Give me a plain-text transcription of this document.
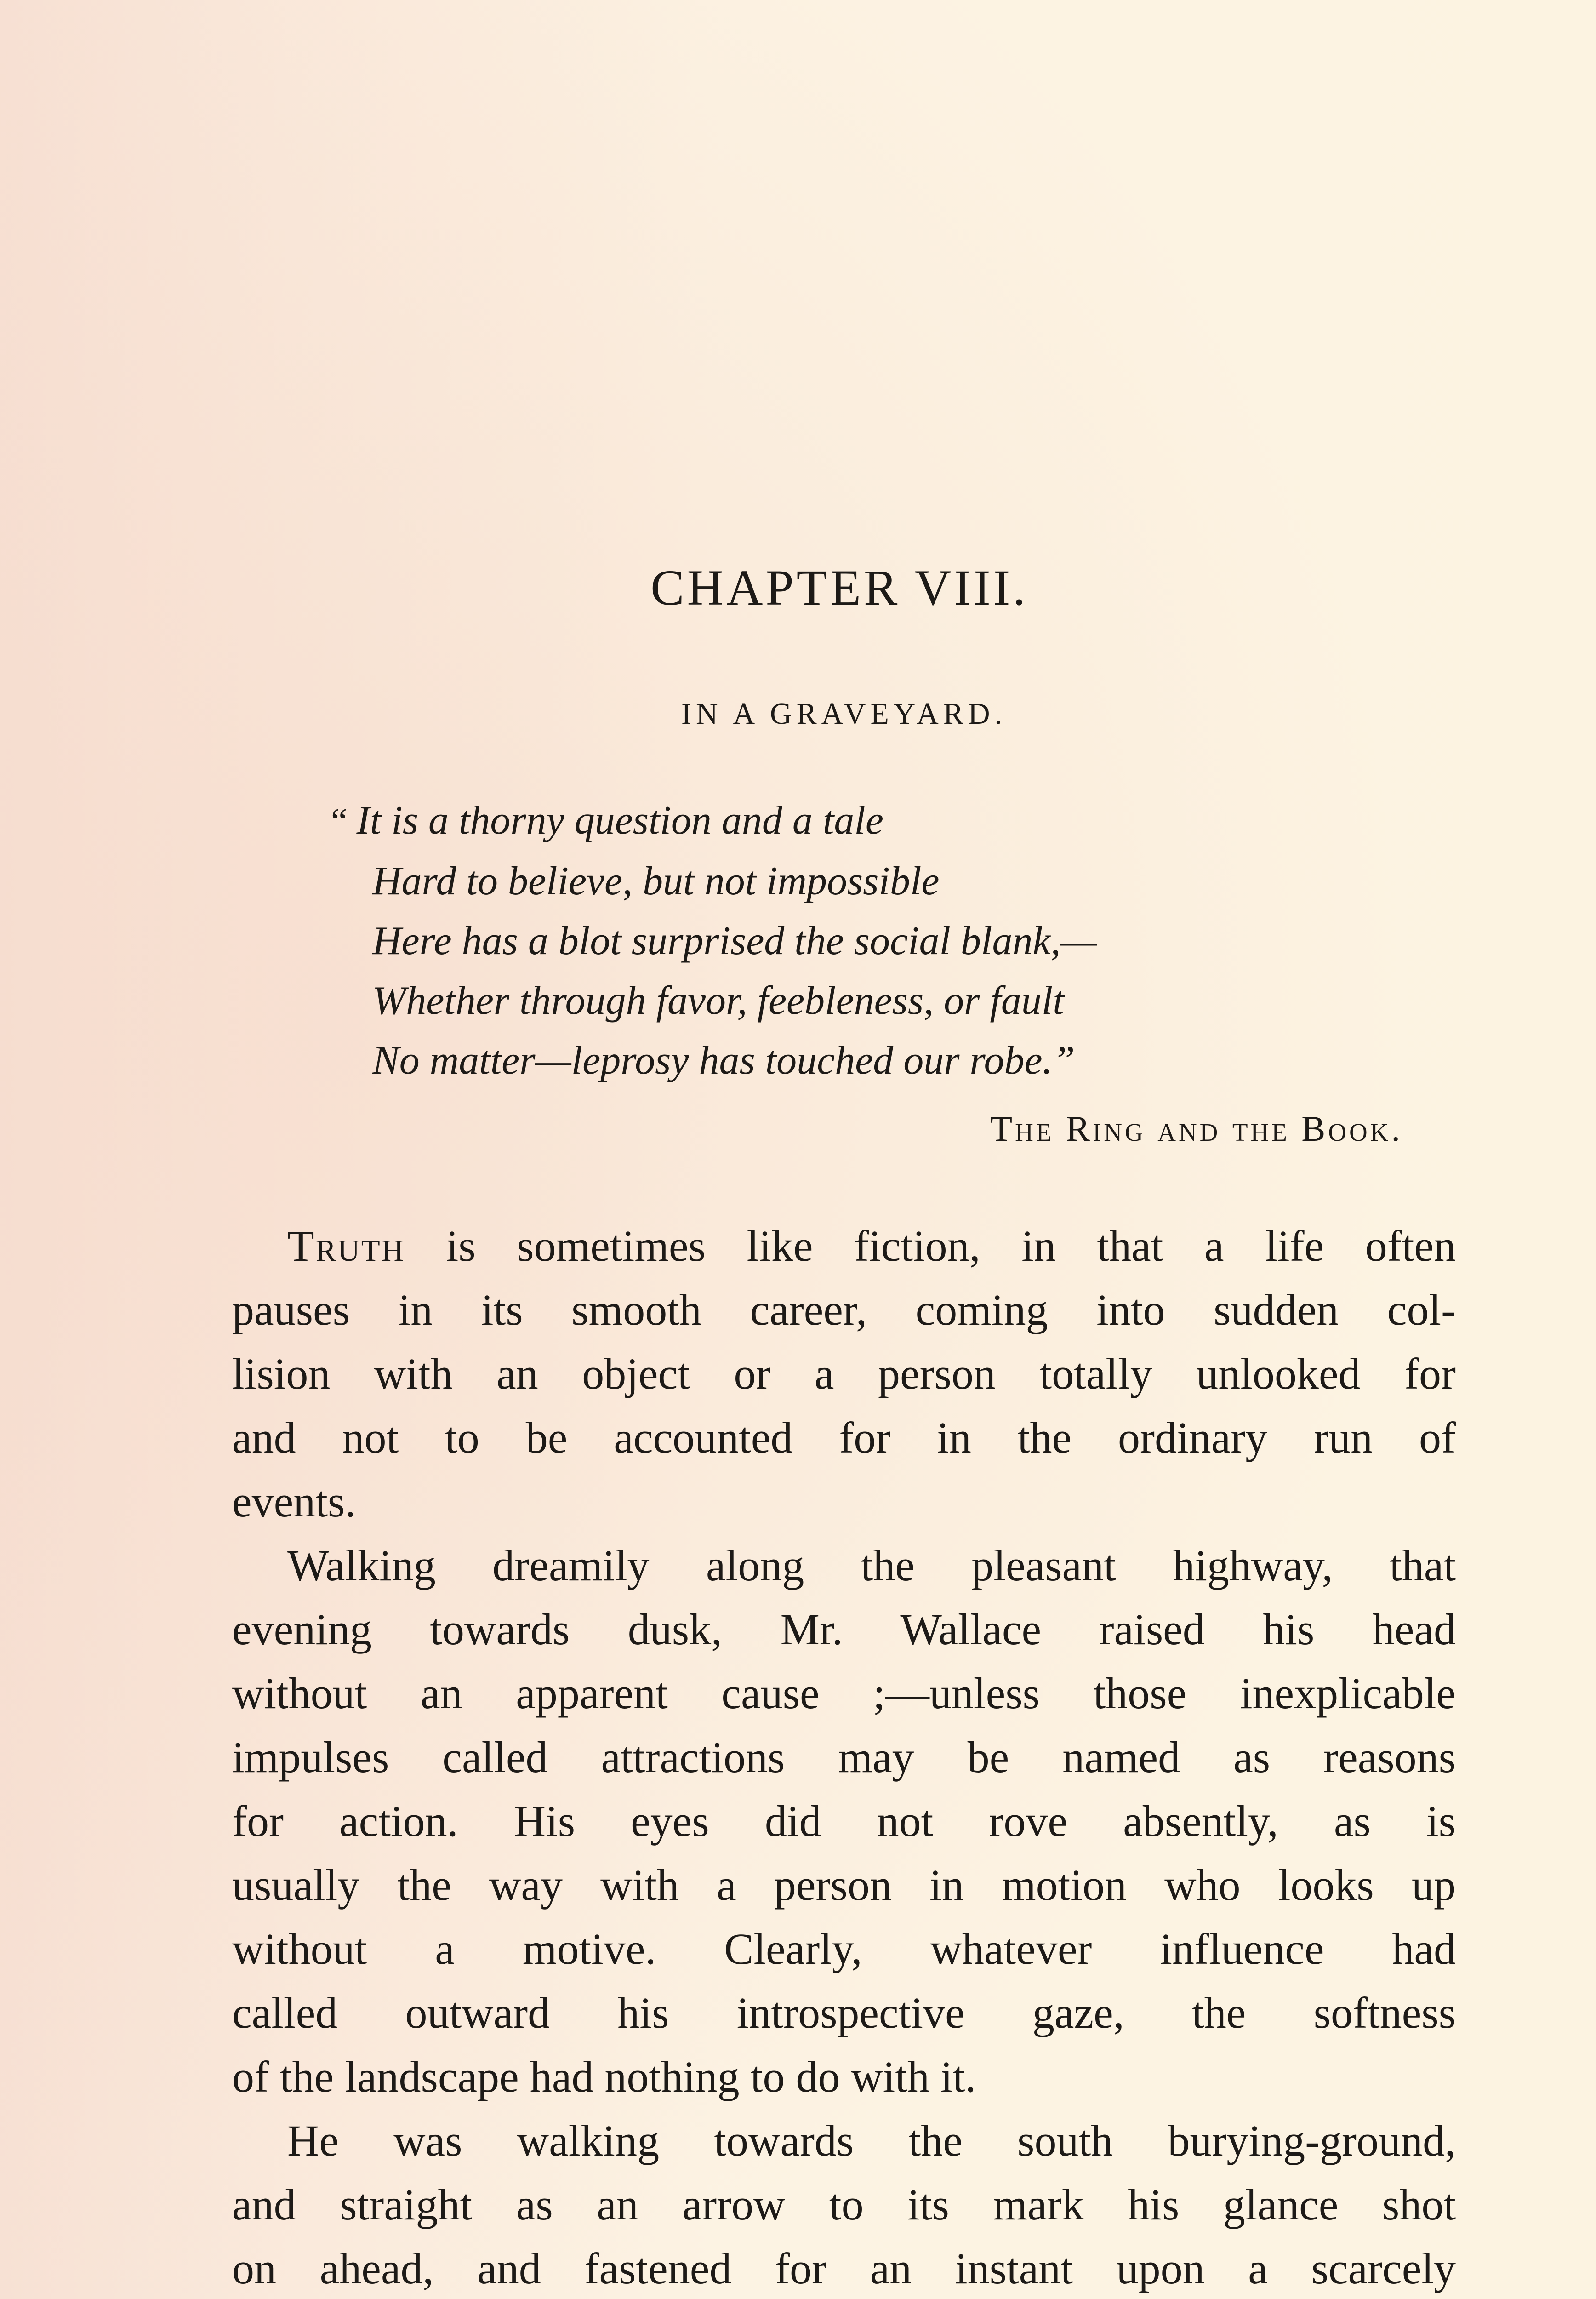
CHAPTER VIII.
IN A GRAVEYARD.
“ It is a thorny question and a tale
Hard to believe, but not impossible
Here has a blot surprised the social blank,—
Whether through favor, feebleness, or fault
No matter—leprosy has touched our robe.”
The Ring and the Book.
Truth is sometimes like fiction, in that a life often
pauses in its smooth career, coming into sudden col-
lision with an object or a person totally unlooked for
and not to be accounted for in the ordinary run of
events.
Walking dreamily along the pleasant highway, that
evening towards dusk, Mr. Wallace raised his head
without an apparent cause ;—unless those inexplicable
impulses called attractions may be named as reasons
for action. His eyes did not rove absently, as is
usually the way with a person in motion who looks up
without a motive. Clearly, whatever influence had
called outward his introspective gaze, the softness
of the landscape had nothing to do with it.
He was walking towards the south burying-ground,
and straight as an arrow to its mark his glance shot
on ahead, and fastened for an instant upon a scarcely
